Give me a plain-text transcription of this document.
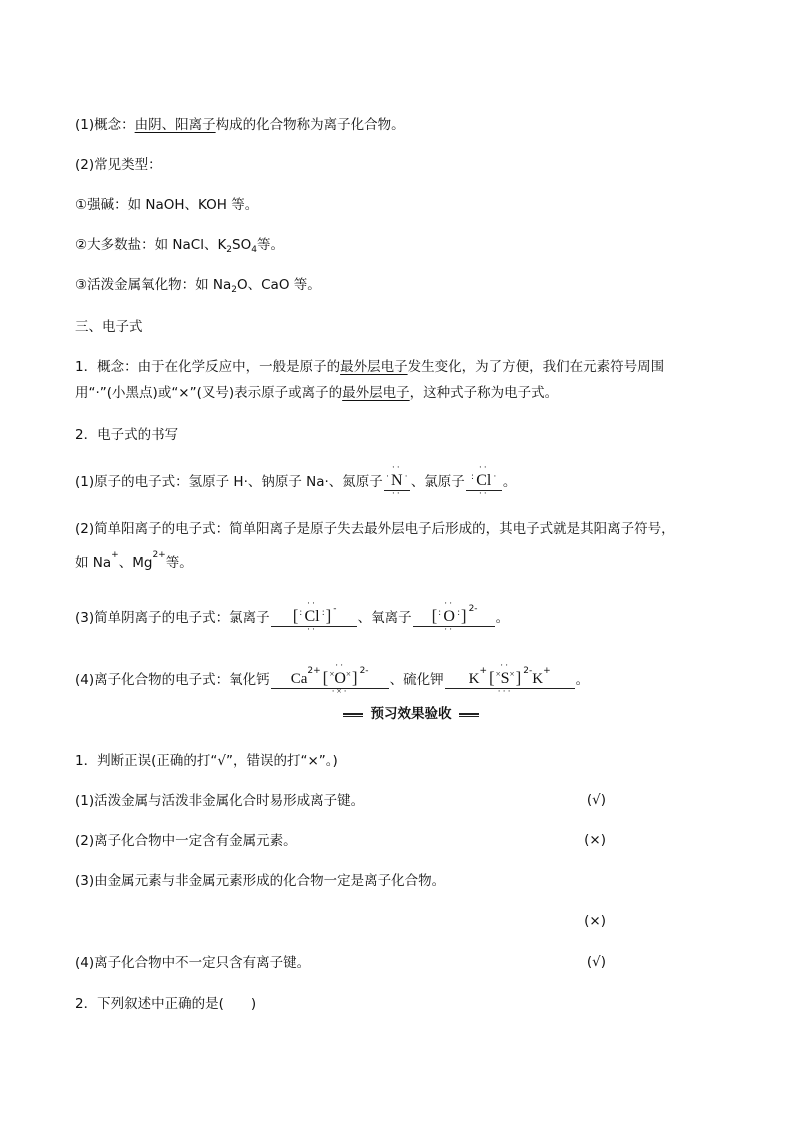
(1)概念：由阴、阳离子构成的化合物称为离子化合物。
(2)常见类型：
①强碱：如 NaOH、KOH 等。
②大多数盐：如 NaCl、$K_2SO_4$等。
③活泼金属氧化物：如 $Na_2O$、CaO 等。
三、电子式
1．概念：由于在化学反应中，一般是原子的最外层电子发生变化，为了方便，我们在元素符号周围
用“·”(小黑点)或“×”(叉号)表示原子或离子的最外层电子，这种式子称为电子式。
2．电子式的书写
(1)原子的电子式：氢原子 H·、钠原子 Na·、氮原子
··
· N ·
··
、氯原子
··
: Cl ·
··
。
(2)简单阳离子的电子式：简单阳离子是原子失去最外层电子后形成的，其电子式就是其阳离子符号，
如 Na+、$Mg^{2+}$等。
(3)简单阴离子的电子式：氯离子 [
··
: Cl :
··
] -、氧离子 [
··
: O :
··
] $^{2-}$。
(4)离子化合物的电子式：氧化钙 $Ca^{2+}$ [
··
× O ×
·×·
] $^{2-}$、硫化钾 K+ [
··
× S ×
···
] $^{2-}$K+。
预习效果验收
1．判断正误(正确的打“√”，错误的打“×”。)
(1)活泼金属与活泼非金属化合时易形成离子键。	(√)
(2)离子化合物中一定含有金属元素。	(×)
(3)由金属元素与非金属元素形成的化合物一定是离子化合物。
(×)
(4)离子化合物中不一定只含有离子键。	(√)
2．下列叙述中正确的是(　　)
